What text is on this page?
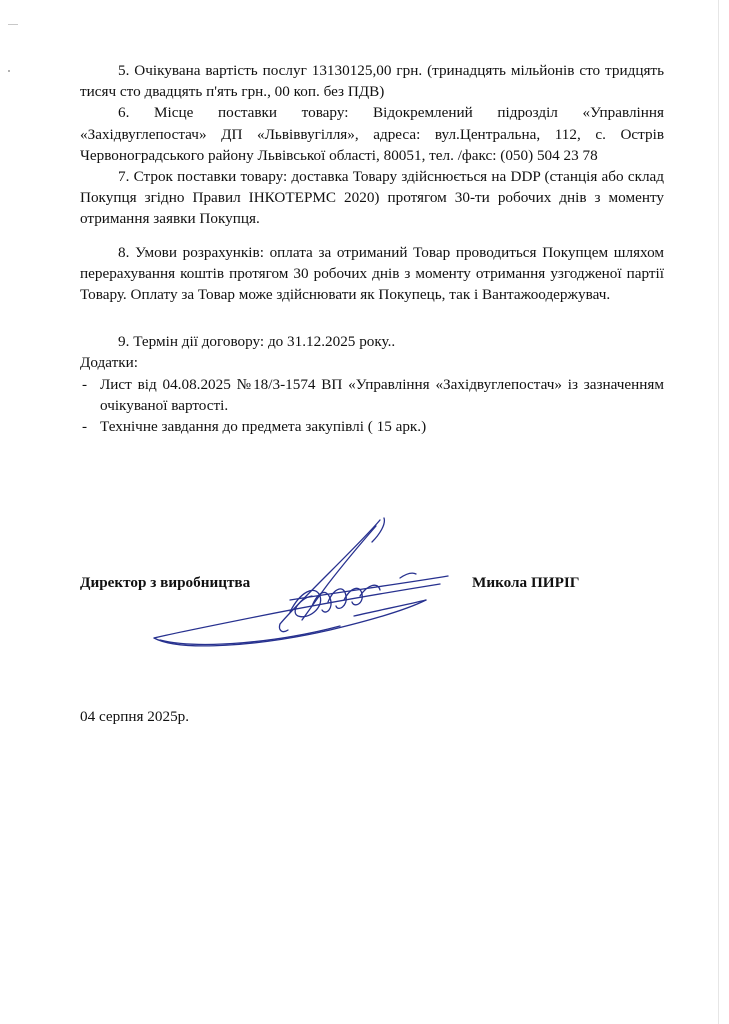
5. Очікувана вартість послуг 13130125,00 грн. (тринадцять мільйонів сто тридцять тисяч сто двадцять п'ять грн., 00 коп. без ПДВ)

6. Місце поставки товару: Відокремлений підрозділ «Управління «Західвуглепостач» ДП «Львіввугілля», адреса: вул.Центральна, 112, с. Острів Червоноградського району Львівської області, 80051, тел. /факс: (050) 504 23 78

7. Строк поставки товару: доставка Товару здійснюється на DDP (станція або склад Покупця згідно Правил ІНКОТЕРМС 2020) протягом 30-ти робочих днів з моменту отримання заявки Покупця.

8. Умови розрахунків: оплата за отриманий Товар проводиться Покупцем шляхом перерахування коштів протягом 30 робочих днів з моменту отримання узгодженої партії Товару. Оплату за Товар може здійснювати як Покупець, так і Вантажоодержувач.

9. Термін дії договору: до 31.12.2025 року..

Додатки:

- Лист від 04.08.2025 №18/3-1574 ВП «Управління «Західвуглепостач» із зазначенням очікуваної вартості.
- Технічне завдання до предмета закупівлі ( 15 арк.)
Директор з виробництва	Микола ПИРІГ
04 серпня 2025р.
